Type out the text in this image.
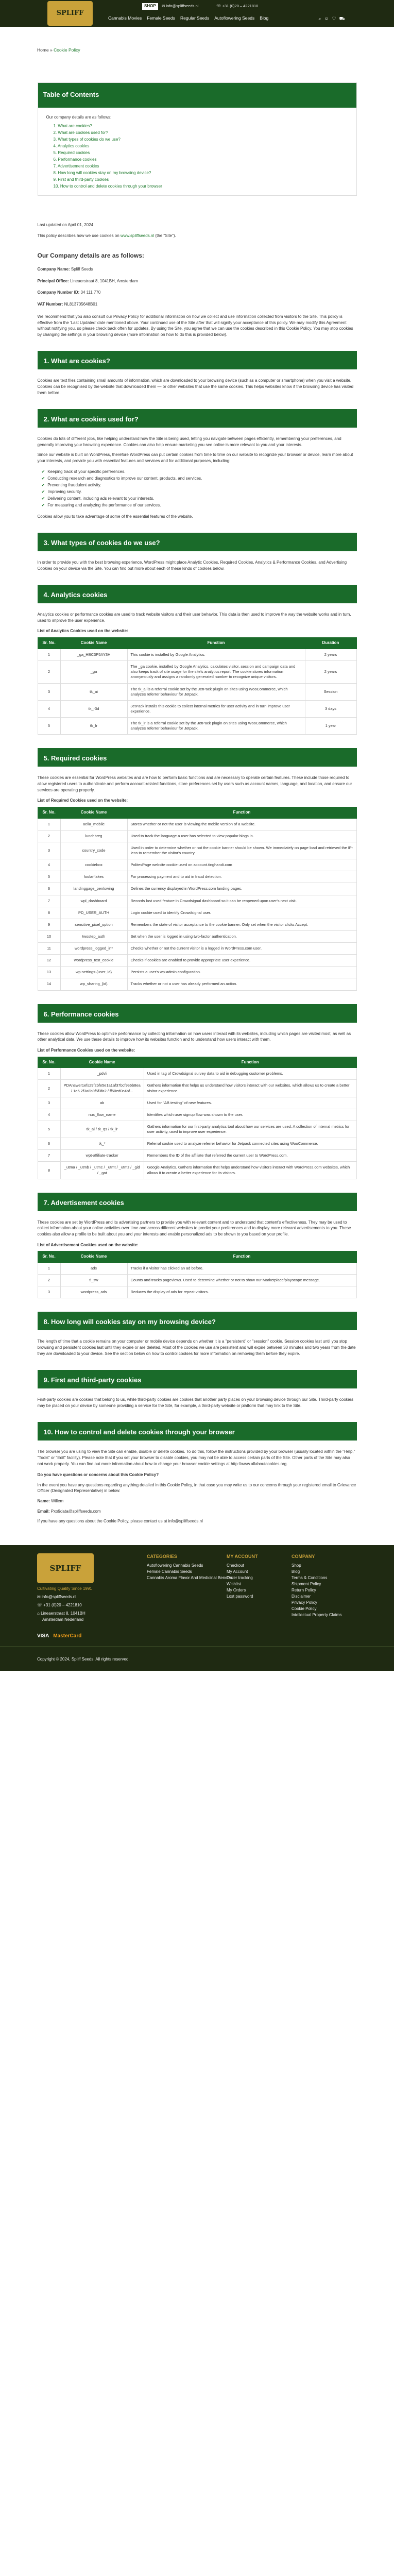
SPLIFF
SHOP	✉ info@spliffseeds.nl	☏ +31 (0)20 – 4221810
Cannabis Movies Female Seeds Regular Seeds Autoflowering Seeds Blog	⌕ ☺ ♡ ⛟
Home » Cookie Policy
Table of Contents

Our company details are as follows:

1. What are cookies?
2. What are cookies used for?
3. What types of cookies do we use?
4. Analytics cookies
5. Required cookies
6. Performance cookies
7. Advertisement cookies
8. How long will cookies stay on my browsing device?
9. First and third-party cookies
10. How to control and delete cookies through your browser

Last updated on April 01, 2024

This policy describes how we use cookies on www.spliffseeds.nl (the "Site").

Our Company details are as follows:

Company Name: Spliff Seeds

Principal Office: Lineaerstraat 8, 1041BH, Amsterdam

Company Number ID: 34 111 770

VAT Number: NL813705648B01

We recommend that you also consult our Privacy Policy for additional information on how we collect and use information collected from visitors to the Site. This policy is effective from the ‘Last Updated’ date mentioned above. Your continued use of the Site after that will signify your acceptance of this policy. We may modify this Agreement without notifying you, so please check back often for updates. By using the Site, you agree that we can use the cookies described in this Cookie Policy. You may stop cookies by changing the settings in your browsing device (more information on how to do this is provided below).

1. What are cookies?

Cookies are text files containing small amounts of information, which are downloaded to your browsing device (such as a computer or smartphone) when you visit a website. Cookies can be recognised by the website that downloaded them — or other websites that use the same cookies. This helps websites know if the browsing device has visited them before.

2. What are cookies used for?

Cookies do lots of different jobs, like helping understand how the Site is being used, letting you navigate between pages efficiently, remembering your preferences, and generally improving your browsing experience. Cookies can also help ensure marketing you see online is more relevant to you and your interests.

Since our website is built on WordPress, therefore WordPress can put certain cookies from time to time on our website to recognize your browser or device, learn more about your interests, and provide you with essential features and services and for additional purposes, including:

✔ Keeping track of your specific preferences.
✔ Conducting research and diagnostics to improve our content, products, and services.
✔ Preventing fraudulent activity.
✔ Improving security.
✔ Delivering content, including ads relevant to your interests.
✔ For measuring and analyzing the performance of our services.

Cookies allow you to take advantage of some of the essential features of the website.

3. What types of cookies do we use?

In order to provide you with the best browsing experience, WordPress might place Analytic Cookies, Required Cookies, Analytics & Performance Cookies, and Advertising Cookies on your device via the Site. You can find out more about each of these kinds of cookies below.

4. Analytics cookies

Analytics cookies or performance cookies are used to track website visitors and their user behavior. This data is then used to improve the way the website works and in turn, used to improve the user experience.

List of Analytics Cookies used on the website:

Sr. No.	Cookie Name	Function	Duration
1	_ga_HBC3P5AY3H	This cookie is installed by Google Analytics.	2 years
2	_ga	The _ga cookie, installed by Google Analytics, calculates visitor, session and campaign data and also keeps track of site usage for the site's analytics report. The cookie stores information anonymously and assigns a randomly generated number to recognize unique visitors.	2 years
3	tk_ai	The tk_ai is a referral cookie set by the JetPack plugin on sites using WooCommerce, which analyzes referrer behaviour for Jetpack.	Session
4	tk_r3d	JetPack installs this cookie to collect internal metrics for user activity and in turn improve user experience.	3 days
5	tk_lr	The tk_lr is a referral cookie set by the JetPack plugin on sites using WooCommerce, which analyzes referrer behaviour for Jetpack.	1 year
5. Required cookies

These cookies are essential for WordPress websites and are how to perform basic functions and are necessary to operate certain features. These include those required to allow registered users to authenticate and perform account-related functions, store preferences set by users such as account names, language, and location, and ensure our services are operating properly.

List of Required Cookies used on the website:

Sr. No.	Cookie Name	Function
1	aelia_mobile	Stores whether or not the user is viewing the mobile version of a website.
2	lunchbreg	Used to track the language a user has selected to view popular blogs in.
3	country_code	Used in order to determine whether or not the cookie banner should be shown. We immediately on page load and retrieved the IP-lens to remember the visitor's country.
4	cookiebox	PolitesPage website cookie used on account.tinghandi.com
5	foolarflakes	For processing payment and to aid in fraud detection.
6	landinggage_pen/swing	Defines the currency displayed in WordPress.com landing pages.
7	wpl_dashboard	Records last used feature in Crowdsignal dashboard so it can be reopened upon user's next visit.
8	PD_USER_AUTH	Login cookie used to identify Crowdsignal user.
9	sensitive_pixel_option	Remembers the state of visitor acceptance to the cookie banner. Only set when the visitor clicks Accept.
10	twostep_auth	Set when the user is logged in using two-factor authentication.
11	wordpress_logged_in*	Checks whether or not the current visitor is a logged in WordPress.com user.
12	wordpress_test_cookie	Checks if cookies are enabled to provide appropriate user experience.
13	wp-settings-{user_id}	Persists a user's wp-admin configuration.
14	wp_sharing_{id}	Tracks whether or not a user has already performed an action.
6. Performance cookies

These cookies allow WordPress to optimize performance by collecting information on how users interact with its websites, including which pages are visited most, as well as other analytical data. We use these details to improve how its websites function and to understand how users interact with them.

List of Performance Cookies used on the website:

Sr. No.	Cookie Name	Function
1	_pdvli	Used in tag of Crowdsignal survey data to aid in debugging customer problems.
2	PDAnswer1efs29f2bfe5e1a1af37bcf9e6b8ea / 1e5 2f3a8b9f5f3fa2 / ff50ed0c4bf...	Gathers information that helps us understand how visitors interact with our websites, which allows us to create a better visitor experience.
3	ab	Used for "AB testing" of new features.
4	nux_flow_name	Identifies which user signup flow was shown to the user.
5	tk_ai / tk_qs / tk_lr	Gathers information for our first-party analytics tool about how our services are used. A collection of internal metrics for user activity, used to improve user experience.
6	tk_*	Referral cookie used to analyze referrer behavior for Jetpack connected sites using WooCommerce.
7	wpt-affiliate-tracker	Remembers the ID of the affiliate that referred the current user to WordPress.com.
8	_utma / _utmb / _utmc / _utmt / _utmz / _gid / _gat	Google Analytics. Gathers information that helps understand how visitors interact with WordPress.com websites, which allows it to create a better experience for its visitors.
7. Advertisement cookies

These cookies are set by WordPress and its advertising partners to provide you with relevant content and to understand that content's effectiveness. They may be used to collect information about your online activities over time and across different websites to predict your preferences and to display more relevant advertisements to you. These cookies also allow a profile to be built about you and your interests and enable personalized ads to be shown to you based on your profile.

List of Advertisement Cookies used on the website:

Sr. No.	Cookie Name	Function
1	ads	Tracks if a visitor has clicked an ad before.
2	tl_sw	Counts and tracks pageviews. Used to determine whether or not to show our Marketplace/playscape message.
3	wordpress_ads	Reduces the display of ads for repeat visitors.
8. How long will cookies stay on my browsing device?

The length of time that a cookie remains on your computer or mobile device depends on whether it is a "persistent" or "session" cookie. Session cookies last until you stop browsing and persistent cookies last until they expire or are deleted. Most of the cookies we use are persistent and will expire between 30 minutes and two years from the date they are downloaded to your device. See the section below on how to control cookies for more information on removing them before they expire.

9. First and third-party cookies

First-party cookies are cookies that belong to us, while third-party cookies are cookies that another party places on your browsing device through our Site. Third-party cookies may be placed on your device by someone providing a service for the Site, for example, a third-party website or platform that may link to the Site.

10. How to control and delete cookies through your browser

The browser you are using to view the Site can enable, disable or delete cookies. To do this, follow the instructions provided by your browser (usually located within the "Help," "Tools" or "Edit" facility). Please note that if you set your browser to disable cookies, you may not be able to access certain parts of the Site. Other parts of the Site may also not work properly. You can find out more information about how to change your browser cookie settings at http://www.allaboutcookies.org.

Do you have questions or concerns about this Cookie Policy?

In the event you have any questions regarding anything detailed in this Cookie Policy, in that case you may write us to our concerns through your registered email to Grievance Officer (Designated Representative) in below:

Name: Willem

Email: Pxo9data@spliffseeds.com

If you have any questions about the Cookie Policy, please contact us at info@spliffseeds.nl

SPLIFF
Cultivating Quality Since 1991
✉ info@spliffseeds.nl
☏ +31 (0)20 – 4221810
⌂ Lineaerstraat 8, 1041BH
Amsterdam Nederland
CATEGORIES
Autoflowering Cannabis Seeds
Female Cannabis Seeds
Cannabis Aroma Flavor And Medicinal Benefits
MY ACCOUNT
Checkout
My Account
Order tracking
Wishlist
My Orders
Lost password
COMPANY
Shop
Blog
Terms & Conditions
Shipment Policy
Return Policy
Disclaimer
Privacy Policy
Cookie Policy
Intellectual Property Claims
VISA MasterCard
Copyright © 2024, Spliff Seeds. All rights reserved.
